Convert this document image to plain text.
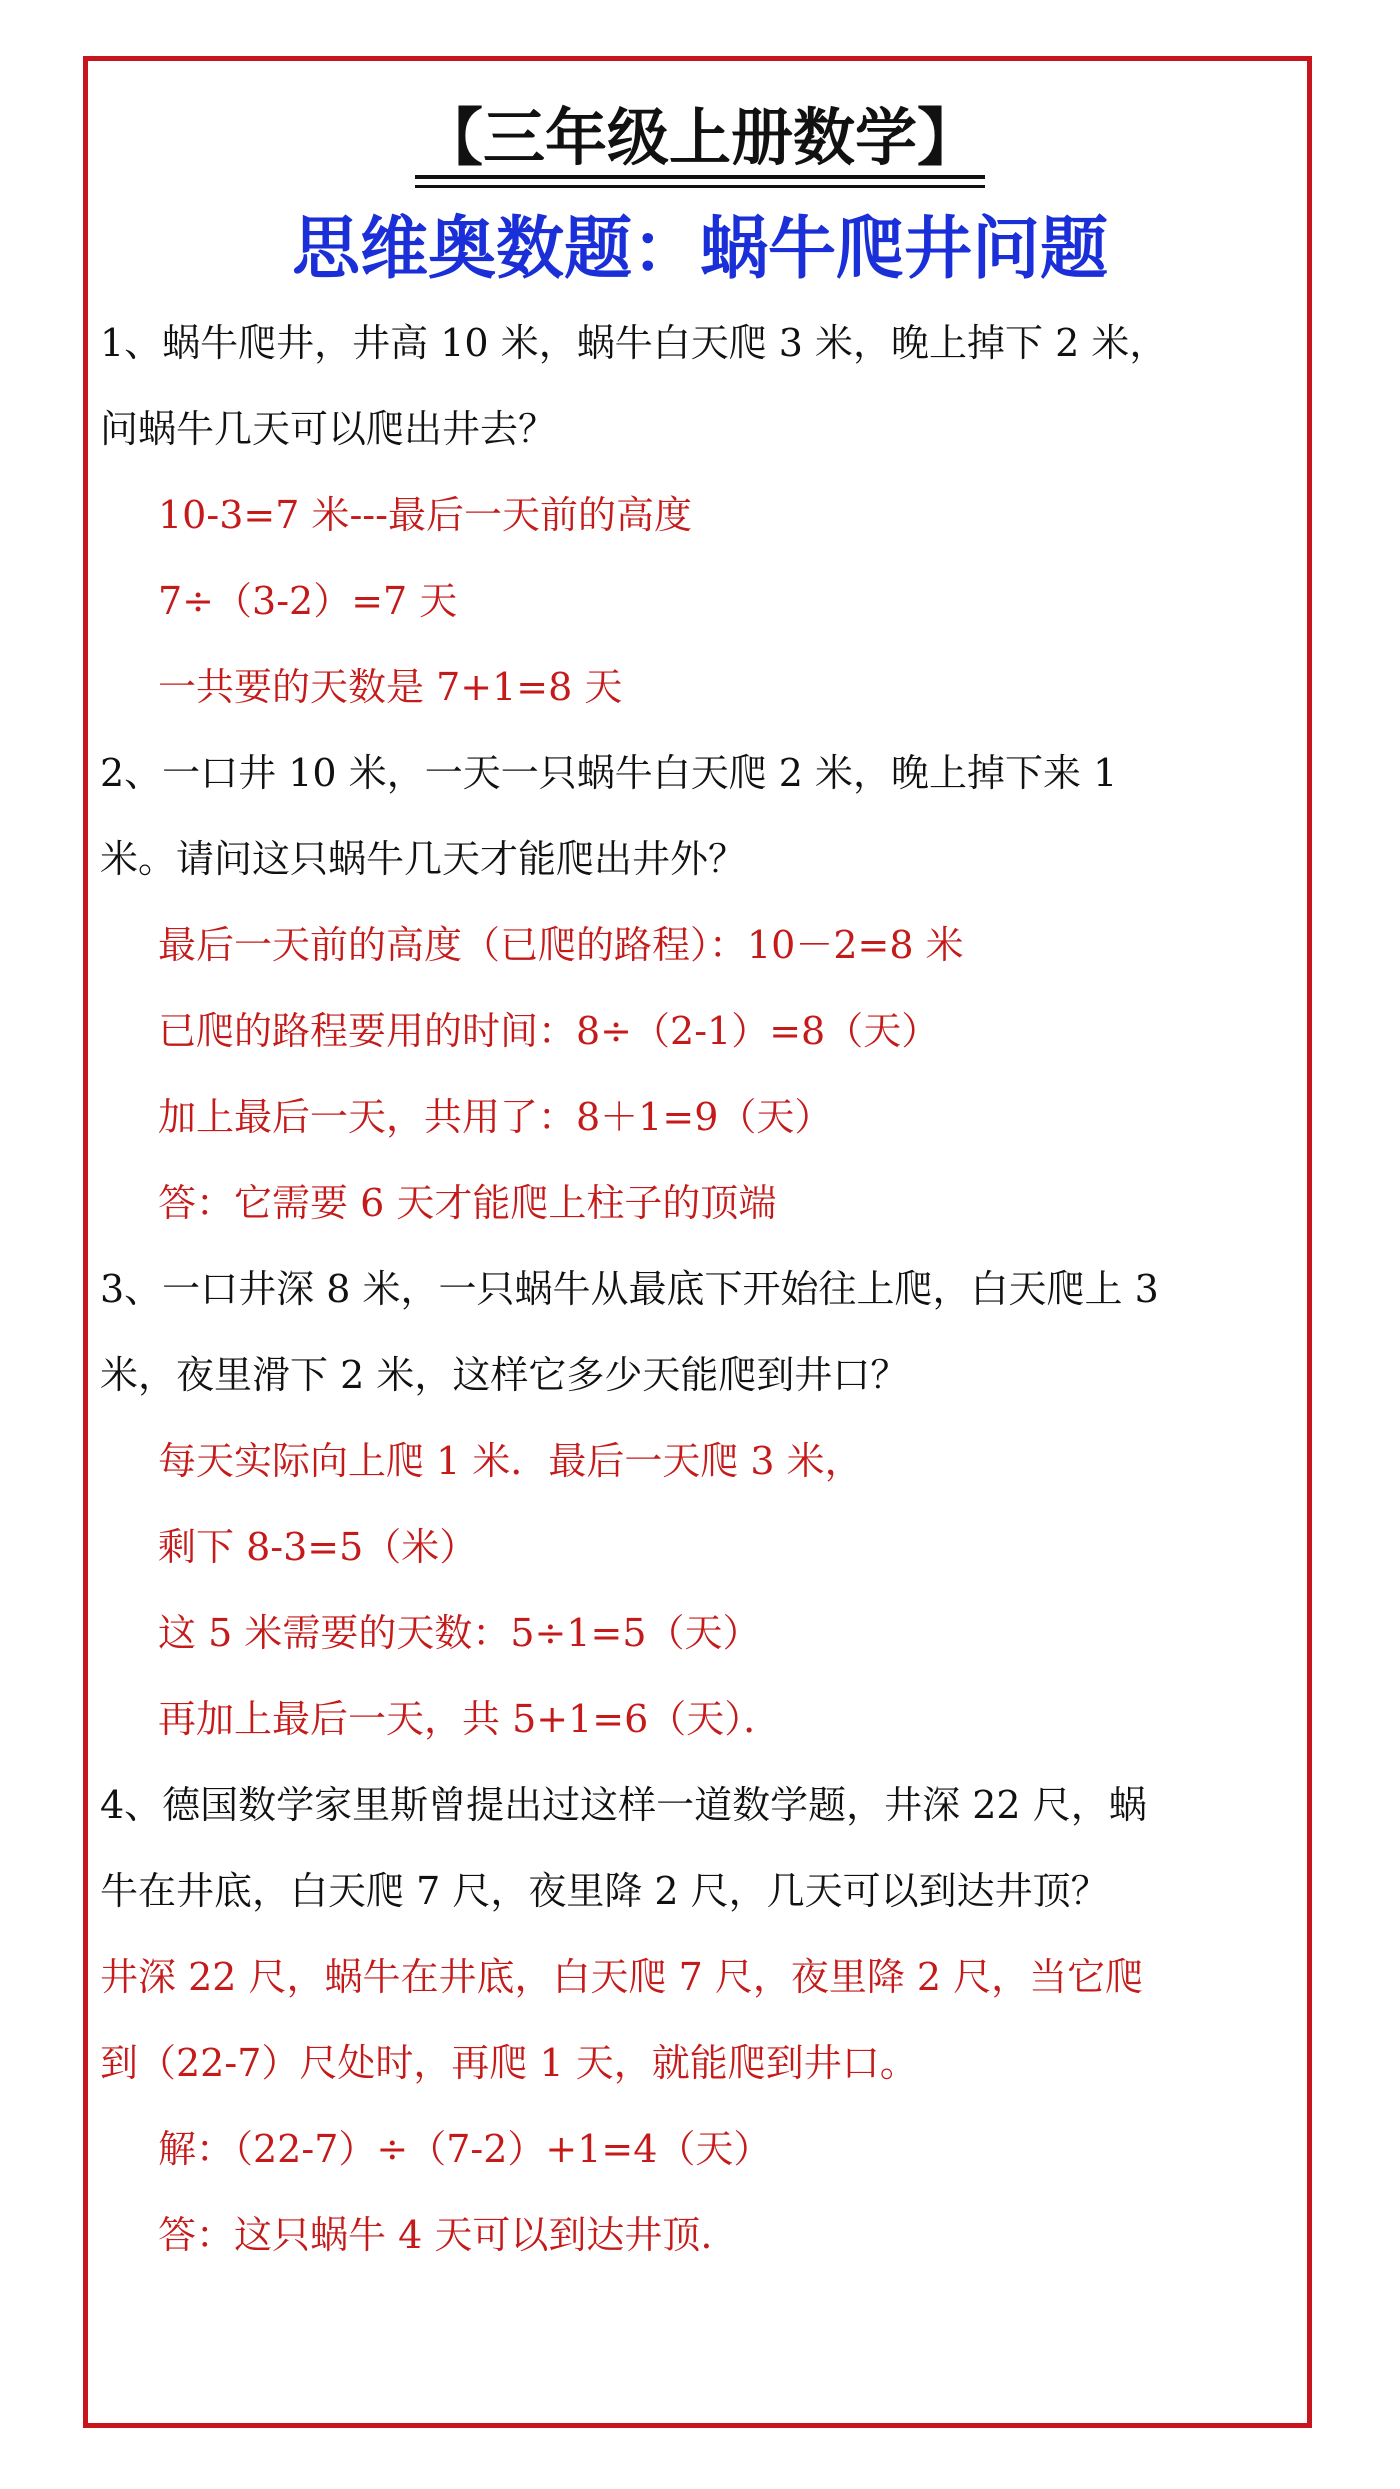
【三年级上册数学】
思维奥数题：蜗牛爬井问题
1、蜗牛爬井，井高 10 米，蜗牛白天爬 3 米，晚上掉下 2 米，
问蜗牛几天可以爬出井去？
10-3=7 米---最后一天前的高度
7÷（3-2）=7 天
一共要的天数是 7+1=8 天
2、一口井 10 米，一天一只蜗牛白天爬 2 米，晚上掉下来 1
米。请问这只蜗牛几天才能爬出井外？
最后一天前的高度（已爬的路程）：10－2=8 米
已爬的路程要用的时间：8÷（2-1）=8（天）
加上最后一天，共用了：8＋1=9（天）
答：它需要 6 天才能爬上柱子的顶端
3、一口井深 8 米，一只蜗牛从最底下开始往上爬，白天爬上 3
米，夜里滑下 2 米，这样它多少天能爬到井口？
每天实际向上爬 1 米．最后一天爬 3 米，
剩下 8-3=5（米）
这 5 米需要的天数：5÷1=5（天）
再加上最后一天，共 5+1=6（天）．
4、德国数学家里斯曾提出过这样一道数学题，井深 22 尺，蜗
牛在井底，白天爬 7 尺，夜里降 2 尺，几天可以到达井顶？
井深 22 尺，蜗牛在井底，白天爬 7 尺，夜里降 2 尺，当它爬
到（22-7）尺处时，再爬 1 天，就能爬到井口。
解：（22-7）÷（7-2）+1=4（天）
答：这只蜗牛 4 天可以到达井顶.
